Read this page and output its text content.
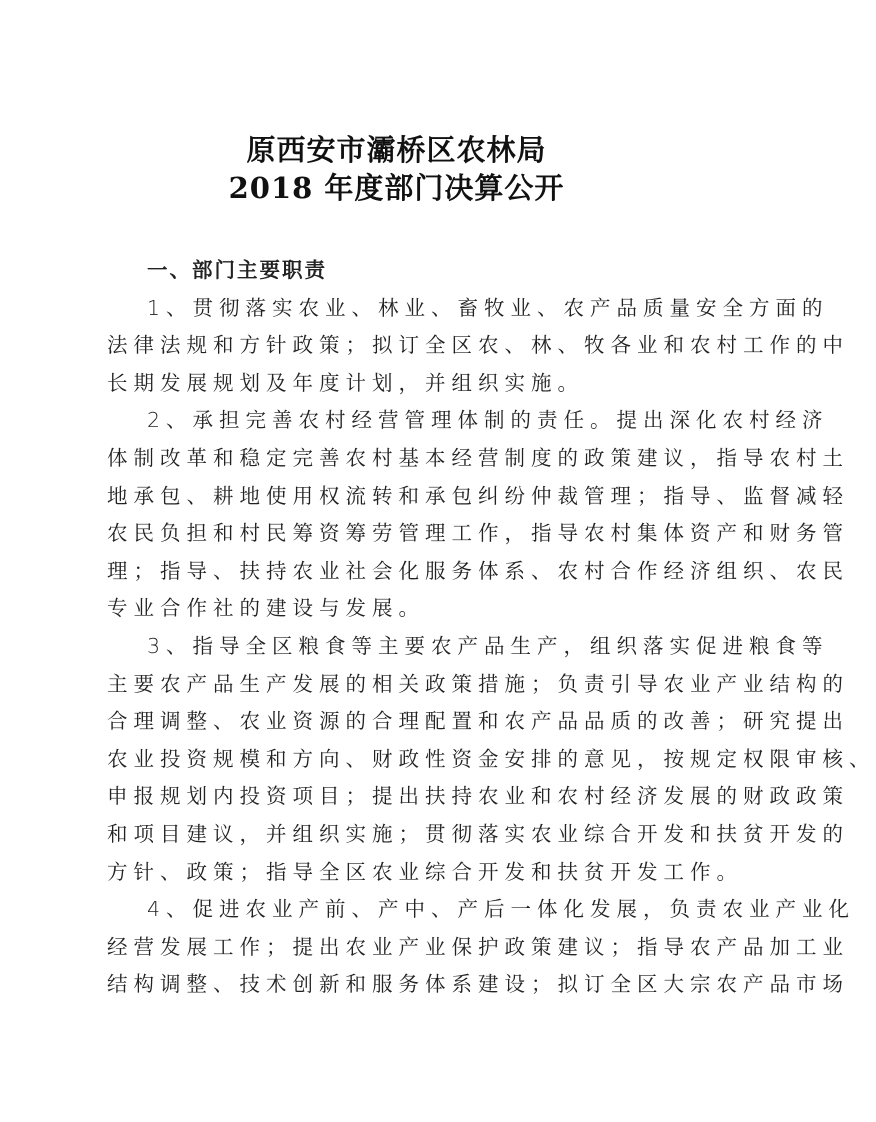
原西安市灞桥区农林局
2018 年度部门决算公开
一、部门主要职责
1、贯彻落实农业、林业、畜牧业、农产品质量安全方面的
法律法规和方针政策；拟订全区农、林、牧各业和农村工作的中
长期发展规划及年度计划，并组织实施。
2、承担完善农村经营管理体制的责任。提出深化农村经济
体制改革和稳定完善农村基本经营制度的政策建议，指导农村土
地承包、耕地使用权流转和承包纠纷仲裁管理；指导、监督减轻
农民负担和村民筹资筹劳管理工作，指导农村集体资产和财务管
理；指导、扶持农业社会化服务体系、农村合作经济组织、农民
专业合作社的建设与发展。
3、指导全区粮食等主要农产品生产，组织落实促进粮食等
主要农产品生产发展的相关政策措施；负责引导农业产业结构的
合理调整、农业资源的合理配置和农产品品质的改善；研究提出
农业投资规模和方向、财政性资金安排的意见，按规定权限审核、
申报规划内投资项目；提出扶持农业和农村经济发展的财政政策
和项目建议，并组织实施；贯彻落实农业综合开发和扶贫开发的
方针、政策；指导全区农业综合开发和扶贫开发工作。
4、促进农业产前、产中、产后一体化发展，负责农业产业化
经营发展工作；提出农业产业保护政策建议；指导农产品加工业
结构调整、技术创新和服务体系建设；拟订全区大宗农产品市场
